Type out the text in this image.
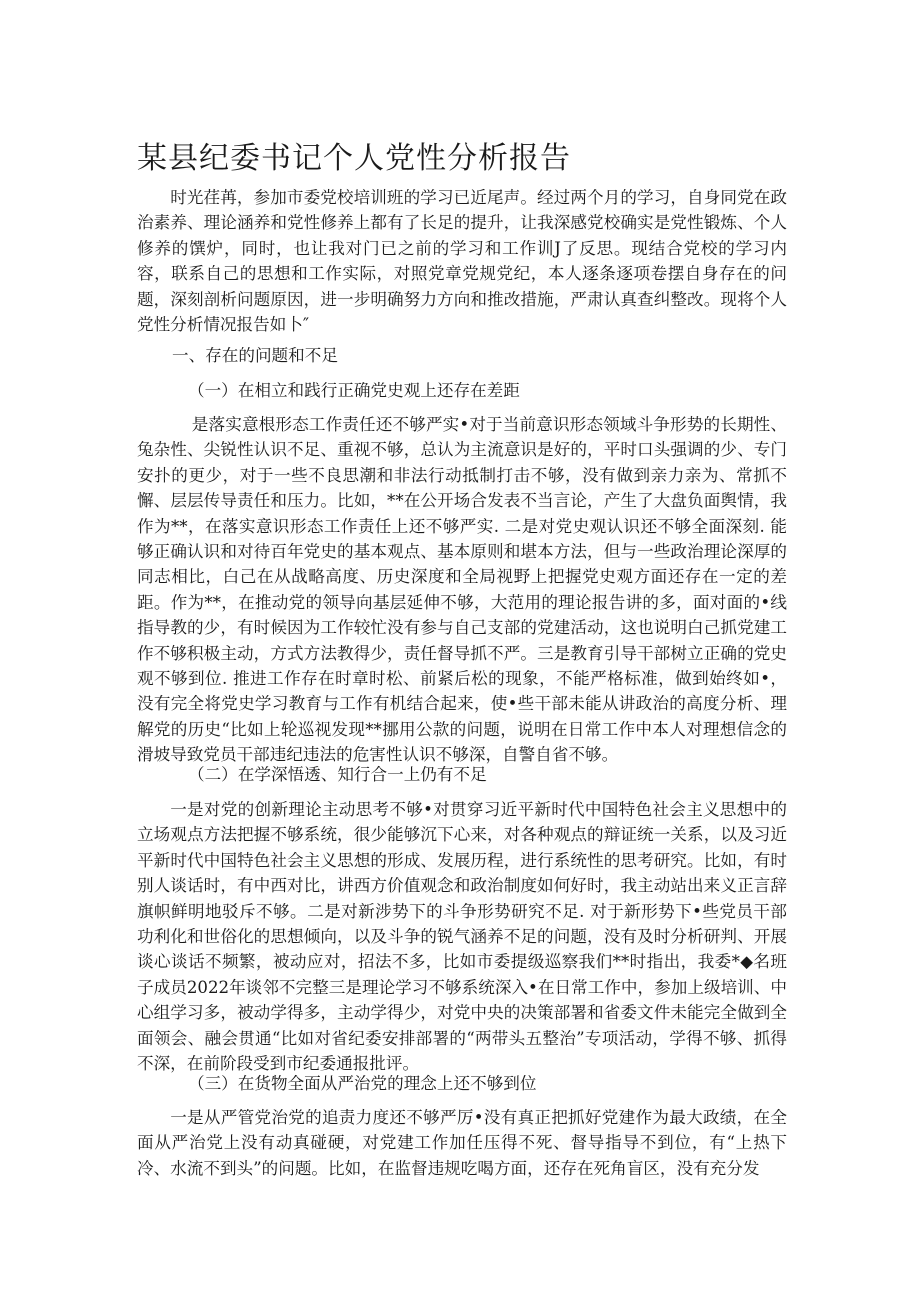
某县纪委书记个人党性分析报告

时光荏苒，参加市委党校培训班的学习已近尾声。经过两个月的学习，自身同党在政治素养、理论涵养和党性修养上都有了长足的提升，让我深感党校确实是党性锻炼、个人修养的馔炉，同时，也让我对门已之前的学习和工作训J了反思。现结合党校的学习内容，联系自己的思想和工作实际，对照党章党规党纪，本人逐条逐项卷摆自身存在的问题，深刻剖析问题原因，进一步明确努力方向和推改措施，严肃认真查纠整改。现将个人党性分析情况报告如卜″

一、存在的问题和不足

（一）在相立和践行正确党史观上还存在差距

是落实意根形态工作责任还不够严实•对于当前意识形态领域斗争形势的长期性、兔杂性、尖锐性认识不足、重视不够，总认为主流意识是好的，平时口头强调的少、专门安扑的更少，对于一些不良思潮和非法行动抵制打击不够，没有做到亲力亲为、常抓不懈、层层传导责任和压力。比如，**在公开场合发表不当言论，产生了大盘负面舆情，我作为**，在落实意识形态工作责任上还不够严实. 二是对党史观认识还不够全面深刻. 能够正确认识和对待百年党史的基本观点、基本原则和堪本方法，但与一些政治理论深厚的同志相比，白己在从战略高度、历史深度和全局视野上把握党史观方面还存在一定的差距。作为**，在推动党的领导向基层延伸不够，大范用的理论报告讲的多，面对面的•线指导教的少，有时候因为工作较忙没有参与自己支部的党建活动，这也说明白己抓党建工作不够积极主动，方式方法教得少，责任督导抓不严。三是教育引导干部树立正确的党史观不够到位. 推进工作存在时章时松、前紧后松的现象，不能严格标准，做到始终如•，没有完全将党史学习教育与工作有机结合起来，使•些干部未能从讲政治的高度分析、理解党的历史“比如上轮巡视发现**挪用公款的问题，说明在日常工作中本人对理想信念的滑坡导致党员干部违纪违法的危害性认识不够深，自警自省不够。

（二）在学深悟透、知行合一上仍有不足

一是对党的创新理论主动思考不够•对贯穿习近平新时代中国特色社会主义思想中的立场观点方法把握不够系统，很少能够沉下心来，对各种观点的辩证统一关系，以及习近平新时代中国特色社会主义思想的形成、发展历程，进行系统性的思考研究。比如，有时别人谈话时，有中西对比，讲西方价值观念和政治制度如何好时，我主动站出来义正言辞旗帜鲜明地驳斥不够。二是对新涉势下的斗争形势研究不足. 对于新形势下•些党员干部功利化和世俗化的思想倾向，以及斗争的锐气涵养不足的问题，没有及时分析研判、开展谈心谈话不频繁，被动应对，招法不多，比如市委提级巡察我们**时指出，我委*◆名班子成员2022年谈邻不完整三是理论学习不够系统深入•在日常工作中，参加上级培训、中心组学习多，被动学得多，主动学得少，对党中央的决策部署和省委文件未能完全做到全面领会、融会贯通“比如对省纪委安排部署的“两带头五整治”专项活动，学得不够、抓得不深，在前阶段受到市纪委通报批评。

（三）在货物全面从严治党的理念上还不够到位

一是从严管党治党的追责力度还不够严厉•没有真正把抓好党建作为最大政绩，在全面从严治党上没有动真碰硬，对党建工作加任压得不死、督导指导不到位，有“上热下冷、水流不到头”的问题。比如，在监督违规吃喝方面，还存在死角盲区，没有充分发
